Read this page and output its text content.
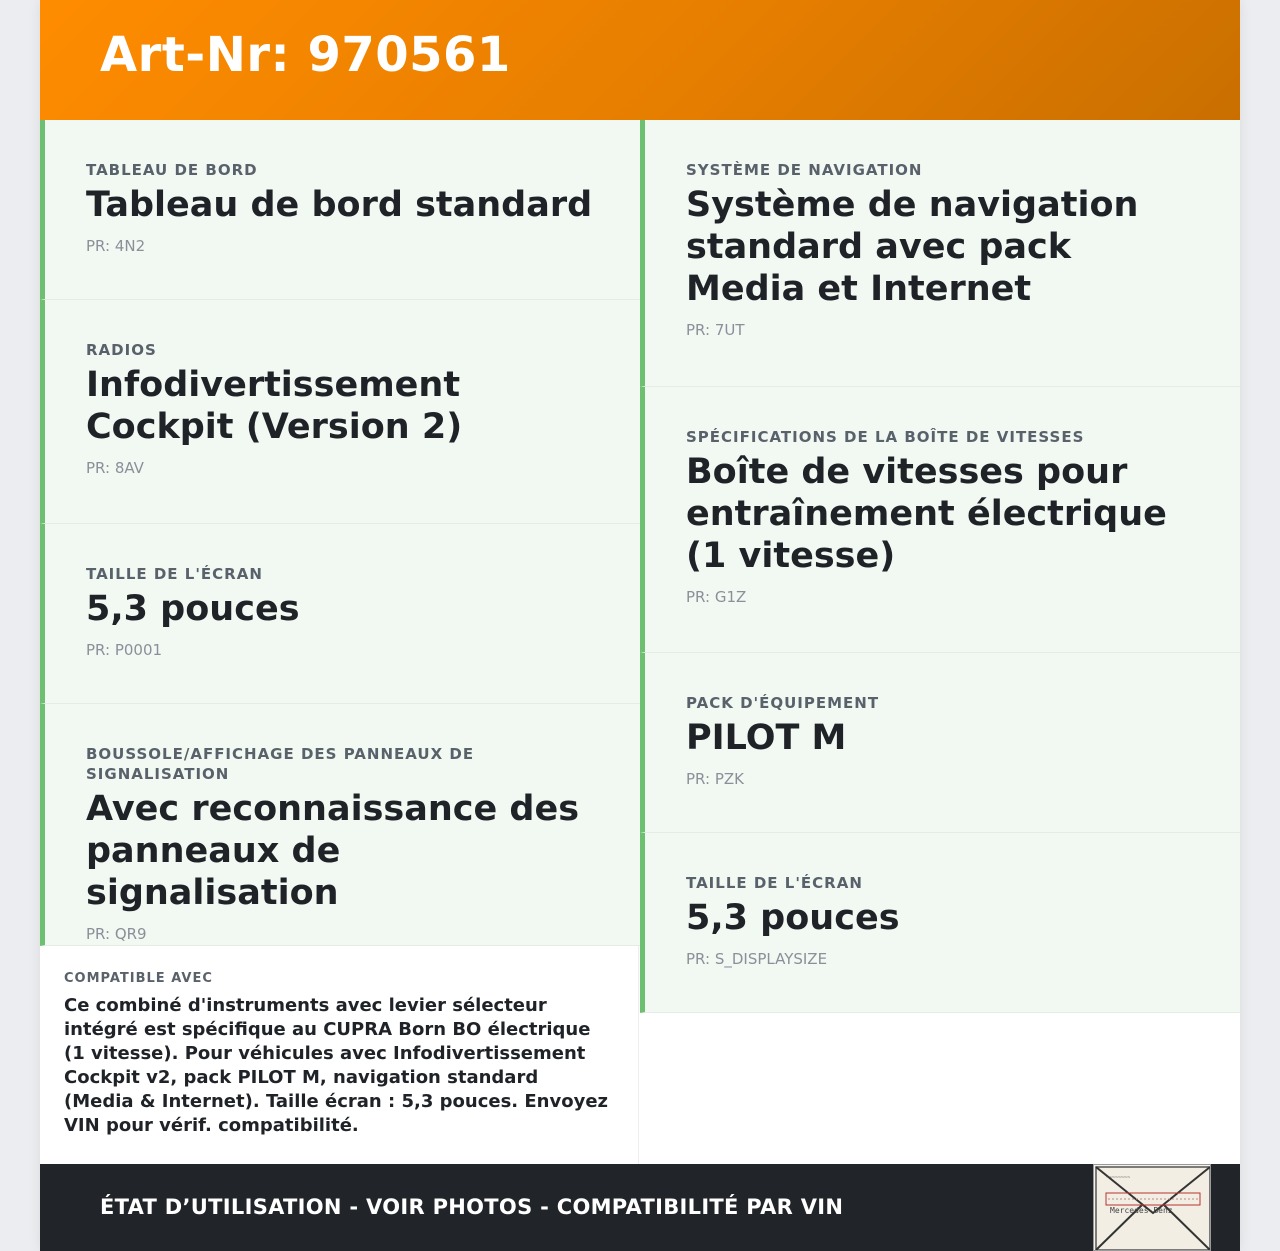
Art-Nr: 970561
TABLEAU DE BORD
Tableau de bord standard
PR: 4N2
RADIOS
Infodivertissement Cockpit (Version 2)
PR: 8AV
TAILLE DE L'ÉCRAN
5,3 pouces
PR: P0001
BOUSSOLE/AFFICHAGE DES PANNEAUX DE SIGNALISATION
Avec reconnaissance des panneaux de signalisation
PR: QR9
SYSTÈME DE NAVIGATION
Système de navigation standard avec pack Media et Internet
PR: 7UT
SPÉCIFICATIONS DE LA BOÎTE DE VITESSES
Boîte de vitesses pour entraînement électrique (1 vitesse)
PR: G1Z
PACK D'ÉQUIPEMENT
PILOT M
PR: PZK
TAILLE DE L'ÉCRAN
5,3 pouces
PR: S_DISPLAYSIZE
COMPATIBLE AVEC
Ce combiné d'instruments avec levier sélecteur intégré est spécifique au CUPRA Born BO électrique (1 vitesse). Pour véhicules avec Infodivertissement Cockpit v2, pack PILOT M, navigation standard (Media & Internet). Taille écran : 5,3 pouces. Envoyez VIN pour vérif. compatibilité.
ÉTAT D’UTILISATION - VOIR PHOTOS - COMPATIBILITÉ PAR VIN
~~~~~~~~
Mercedes-Benz
